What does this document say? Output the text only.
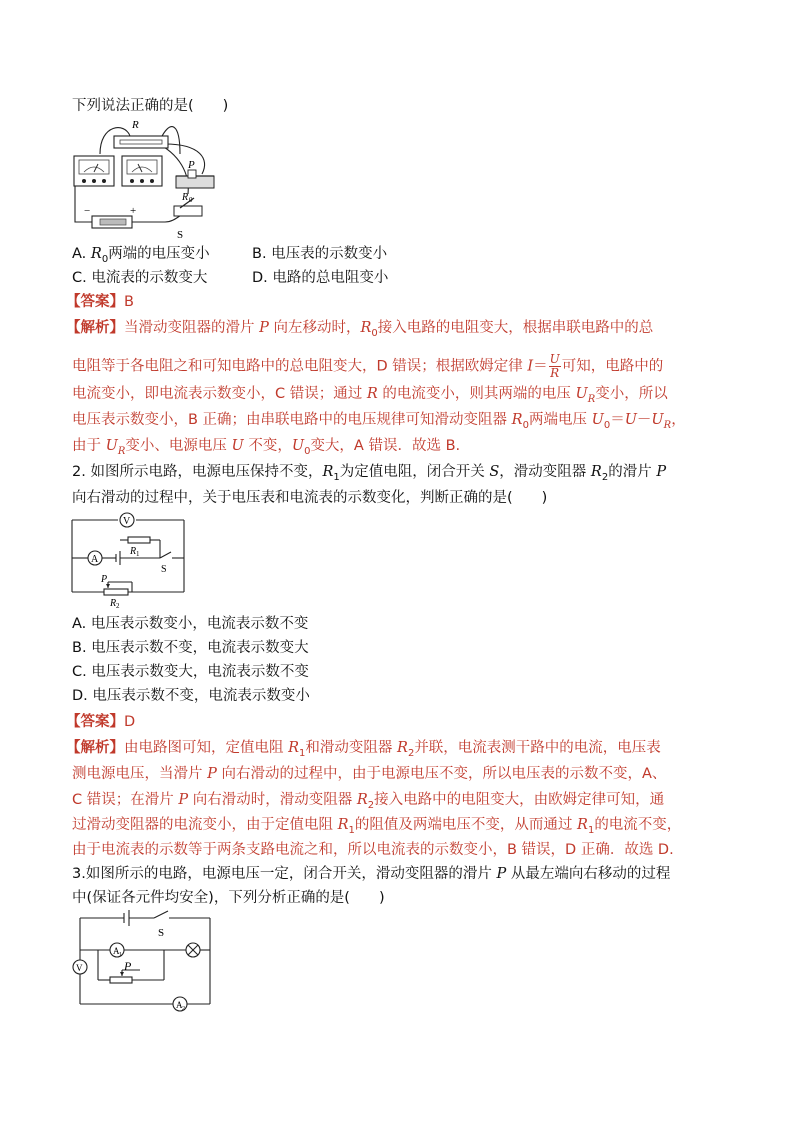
下列说法正确的是(　　)
R
P
R 0
S
−	+
A. $R_0$两端的电压变小	B. 电压表的示数变小
C. 电流表的示数变大	D. 电路的总电阻变小
【答案】B
【解析】当滑动变阻器的滑片 P 向左移动时，$R_0$接入电路的电阻变大，根据串联电路中的总
电阻等于各电阻之和可知电路中的总电阻变大，D 错误；根据欧姆定律 $I= \frac{U}{R}$ 可知，电路中的
电流变小，即电流表示数变小，C 错误；通过 R 的电流变小，则其两端的电压 $U_R$变小，所以
电压表示数变小，B 正确；由串联电路中的电压规律可知滑动变阻器 $R_0$两端电压 $U_0=U-U_R$，
由于 $U_R$变小、电源电压 U 不变，$U_0$变大，A 错误．故选 B.
2. 如图所示电路，电源电压保持不变，$R_1$为定值电阻，闭合开关 S，滑动变阻器 $R_2$的滑片 P
向右滑动的过程中，关于电压表和电流表的示数变化，判断正确的是(　　)
V
A
R 1
S
P
R 2
A. 电压表示数变小，电流表示数不变
B. 电压表示数不变，电流表示数变大
C. 电压表示数变大，电流表示数不变
D. 电压表示数不变，电流表示数变小
【答案】D
【解析】由电路图可知，定值电阻 $R_1$和滑动变阻器 $R_2$并联，电流表测干路中的电流，电压表
测电源电压，当滑片 P 向右滑动的过程中，由于电源电压不变，所以电压表的示数不变，A、
C 错误；在滑片 P 向右滑动时，滑动变阻器 $R_2$接入电路中的电阻变大，由欧姆定律可知，通
过滑动变阻器的电流变小，由于定值电阻 $R_1$的阻值及两端电压不变，从而通过 $R_1$的电流不变，
由于电流表的示数等于两条支路电流之和，所以电流表的示数变小，B 错误，D 正确．故选 D.
3.如图所示的电路，电源电压一定，闭合开关，滑动变阻器的滑片 P 从最左端向右移动的过程
中(保证各元件均安全)，下列分析正确的是(　　)
S
A 1
V	P
A 2
